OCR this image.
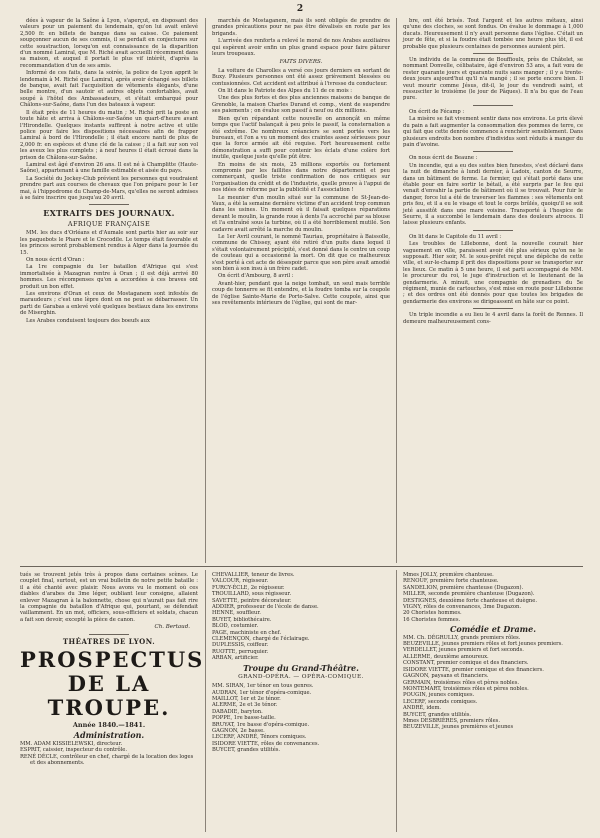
2

dées à vapeur de la Saône à Lyon, s'aperçut, en disposant des valeurs pour un paiement du lendemain, qu'on lui avait enlevé 2,500 fr. en billets de banque dans sa caisse. Ce paiement soupçonner aucun de ses commis, il se perdait en conjectures sur cette soustraction, lorsqu'on eut connaissance de la disparition d'un nommé Lamiral, que M. Riché avait accueilli récemment dans sa maison, et auquel il portait le plus vif intérêt, d'après la recommandation d'un de ses amis.

Informé de ces faits, dans la soirée, la police de Lyon apprit le lendemain à M. Riché que Lamiral, après avoir échangé ses billets de banque, avait fait l'acquisition de vêtements élégants, d'une belle montre, d'un sautoir et autres objets confortables, avait soupé à l'hôtel des Ambassadeurs, et s'était embarqué pour Châlons-sur-Saône, dans l'un des bateaux à vapeur.

Il était près de 11 heures du matin ; M. Riché prit la poste en toute hâte et arriva à Châlons-sur-Saône un quart-d'heure avant l'Hirondelle. Quelques instants suffirent à notre active et utile police pour faire les dispositions nécessaires afin de frapper Lamiral à bord de l'Hirondelle ; il était encore nanti de plus de 2,000 fr. en espèces et d'une clé de la caisse ; il a fait sur son vol les aveux les plus complets ; à neuf heures il était écroué dans la prison de Châlons-sur-Saône.

Lamiral est âgé d'environ 26 ans. Il est né à Champlitte (Haute-Saône), appartenant à une famille estimable et aisée du pays.

La Société du Jockey-Club prévient les personnes qui voudraient prendre part aux courses de chevaux que l'on prépare pour le 1er mai, à l'hippodrome du Champ-de-Mars, qu'elles ne seront admises à se faire inscrire que jusqu'au 20 avril.

EXTRAITS DES JOURNAUX.
AFRIQUE FRANÇAISE

MM. les ducs d'Orléans et d'Aumale sont partis hier au soir sur les paquebots le Phare et le Crocodile. Le temps était favorable et les princes seront probablement rendus à Alger dans la journée du 15.

On nous écrit d'Oran :

La 1re compagnie du 1er bataillon d'Afrique qui s'est immortalisée à Mazagran rentre à Oran ; il est déjà arrivé 80 hommes. Les récompenses qu'on a accordées à ces braves ont produit un bon effet.

Les environs d'Oran et ceux de Mostaganem sont infestés de maraudeurs ; c'est une lèpre dont on ne peut se débarrasser. Un parti de Garabas a enlevé volé quelques bestiaux dans les environs de Miserghin.

Les Arabes conduisent toujours des boeufs aux

marchés de Mostaganem, mais ils sont obligés de prendre de grandes précautions pour ne pas être dévalisés en route par les brigands.

L'arrivée des renforts a relevé le moral de nos Arabes auxiliaires qui espèrent avoir enfin un plus grand espace pour faire pâturer leurs troupeaux.

FAITS DIVERS.

La voiture de Charolles a versé ces jours derniers en sortant de Buxy. Plusieurs personnes ont été assez grièvement blessées ou contusionnées. Cet accident est attribué à l'ivresse du conducteur.

On lit dans le Patriote des Alpes du 11 de ce mois :

Une des plus fortes et des plus anciennes maisons de banque de Grenoble, la maison Charles Durand et comp., vient de suspendre ses paiements ; on évalue son passif à neuf ou dix millions.

Bien qu'en répandant cette nouvelle on annonçât en même temps que l'actif balançait à peu près le passif, la consternation a été extrême. De nombreux créanciers se sont portés vers les bureaux, et l'on a vu un moment des craintes assez sérieuses pour que la force armée ait été requise. Fort heureusement cette démonstration a suffi pour contenir les éclats d'une colère fort inutile, quelque juste qu'elle pût être.

En moins de six mois, 25 millions exportés ou fortement compromis par les faillites dans notre département et peu commerçant, quelle triste confirmation de nos critiques sur l'organisation du crédit et de l'industrie, quelle preuve à l'appui de nos idées de réforme par la publicité et l'association !

Le meunier d'un moulin situé sur la commune de St-Jean-de-Vaux, a été la semaine dernière victime d'un accident trop commun dans les usines. Un moment où il faisait quelques réparations devant le moulin, la grande roue à dents l'a accroché par sa blouse et l'a entraîné sous la turbine, où il a été horriblement mutilé. Son cadavre avait arrêté la marche du moulin.

Le 1er Avril courant, le nommé Tauriau, propriétaire à Baissolle, commune de Chissey, ayant été retiré d'un puits dans lequel il s'était volontairement précipité, s'est donné dans le centre un coup de couteau qui a occasionné la mort. On dit que ce malheureux s'est porté à cet acte de désespoir parce que son père avait amodié son bien à son insu à un frère cadet.

On écrit d'Ambourg, 8 avril :

Avant-hier, pendant que la neige tombait, un seul mais terrible coup de tonnerre se fit entendre, et la foudre tomba sur la coupole de l'église Sainte-Marie de Porto-Salve. Cette coupole, ainsi que ses revêtements intérieurs de l'église, qui sont de mar-

bre, ont été brisés. Tout l'argent et les autres métaux, ainsi qu'une des cloches, se sont fondus. On évalue le dommage à 1,000 ducats. Heureusement il n'y avait personne dans l'église. C'était un jour de fête, et si la foudre était tombée une heure plus tôt, il est probable que plusieurs centaines de personnes auraient péri.

Un individu de la commune de Bouffioulx, près de Châtelet, se nommant Donvelle, célibataire, âgé d'environ 53 ans, a fait vœu de rester quarante jours et quarante nuits sans manger ; il y a trente-deux jours aujourd'hui qu'il n'a mangé ; il se porte encore bien. Il veut mourir comme Jésus, dit-il, le jour du vendredi saint, et ressusciter le troisième (le jour de Pâques). Il n'a bu que de l'eau pure.

On écrit de Fécamp :

La misère se fait vivement sentir dans nos environs. Le prix élevé du pain a fait augmenter la consommation des pommes de terre, ce qui fait que cette denrée commence à renchérir sensiblement. Dans plusieurs endroits bon nombre d'individus sont réduits à manger du pain d'avoine.

On nous écrit de Beaune :

Un incendie, qui a eu des suites bien funestes, s'est déclaré dans la nuit de dimanche à lundi dernier, à Ladoix, canton de Seurre, dans un bâtiment de ferme. Le fermier, qui s'était porté dans une étable pour en faire sortir le bétail, a été surpris par le feu qui venait d'envahir la partie de bâtiment où il se trouvait. Pour fuir le danger, force lui a été de traverser les flammes : ses vêtements ont pris feu, et il a eu le visage et tout le corps brûlés, quoiqu'il se soit jeté aussitôt dans une mare voisine. Transporté à l'hospice de Seurre, il a succombé le lendemain dans des douleurs atroces. Il laisse plusieurs enfants.

On lit dans le Capitole du 11 avril :

Les troubles de Lillebonne, dont la nouvelle courait hier vaguement en ville, paraissent avoir été plus sérieux qu'on ne le supposait. Hier soir, M. le sous-préfet reçut une dépêche de cette ville, et sur-le-champ il prit des dispositions pour se transporter sur les lieux. Ce matin à 5 une heure, il est parti accompagné de MM. le procureur du roi, le juge d'instruction et le lieutenant de la gendarmerie. A minuit, une compagnie de grenadiers du 5e régiment, munie de cartouches, s'est mise en route pour Lillebonne ; et des ordres ont été donnés pour que toutes les brigades de gendarmerie des environs se dirigeassent en hâte sur ce point.

Un triple incendie a eu lieu le 4 avril dans la forêt de Rennes. Il demeure malheureusement cons-

tués se trouvent jetés très à propos dans certaines scènes. Le couplet final, surtout, est un vrai bulletin de notre petite bataille : il a été chanté avec plaisir. Nous avons vu le moment où ces diables d'arabes du 3me léger, oubliant leur consigne, allaient enlever Mazagran à la baïonnette, chose qui n'aurait pas fait rire la compagnie du bataillon d'Afrique qui, pourtant, se défendait vaillamment. En un mot, officiers, sous-officiers et soldats, chacun a fait son devoir, excepté la pièce de canon.

Ch. Bertaud.
THÉATRES DE LYON.
PROSPECTUS DE LA TROUPE.
Année 1840.—1841.
Administration.

MM. ADAM KISSIELEWSKI, directeur.

ESPRIT, caissier, inspecteur du contrôle.

RENÉ DÉCLE, contrôleur en chef, chargé de la location des loges et des abonnements.

CHEVALLIER, teneur de livres.

VALCOUR, régisseur.

FURCY-ÉCLE, 2e régisseur.

TROUILLARD, sous régisseur.

SAVETTE, peintre décorateur.

ADDIER, professeur de l'école de danse.

HENNE, souffleur.

BUYET, bibliothécaire.

BLOD, costumier.

PAGE, machiniste en chef.

CLEMENÇON, chargé de l'éclairage.

DUPLESSIS, coiffeur.

RUOTTE, perruquier.

ARBAN, artificier.

Troupe du Grand-Théâtre.
GRAND-OPÉRA. — OPÉRA-COMIQUE.

MM. SIRAN, 1er ténor en tous genres.

AUDRAN, 1er ténor d'opéra-comique.

MAILLOT, 1er et 2e ténor.

ALERME, 2e et 3e ténor.

DABADIE, baryton.

POPPE, 1re basse-taille.

BRUYAT, 1re basse d'opéra-comique.

GAGNON, 2e basse.

LECERF, ANDRÉ, Ténors comiques.

ISIDORE VIETTE, rôles de convenances.

BUYCET, grandes utilités.

Mmes JOLLY, première chanteuse.

RENOUF, première forte chanteuse.

SANDELION, première chanteuse (Dugazon).

MILLER, seconde première chanteuse (Dugazon).

DESTIGNES, deuxième forte chanteuse et duègne.

VIGNY, rôles de convenances, 3me Dugazon.

20 Choristes hommes.

16 Choristes femmes.

Comédie et Drame.

MM. Ch. DÉGRULLY, grands premiers rôles.

BEUZEVILLE, jeunes premiers rôles et fort jeunes premiers.

VERDELLET, jeunes premiers et fort seconds.

ALLERME, deuxième amoureux.

CONSTANT, premier comique et des financiers.

ISIDORE VIETTE, premier comique et des financiers.

GAGNON, paysans et financiers.

GERMAIN, troisièmes rôles et pères nobles.

MONTEMART, troisièmes rôles et pères nobles.

POUGIN, jeunes comiques.

LECERF, seconds comiques.

ANDRÉ, idem.

BUYCET, grandes utilités.

Mmes DESBRIÈRES, premiers rôles.

BEUZEVILLE, jeunes premières et jeunes
